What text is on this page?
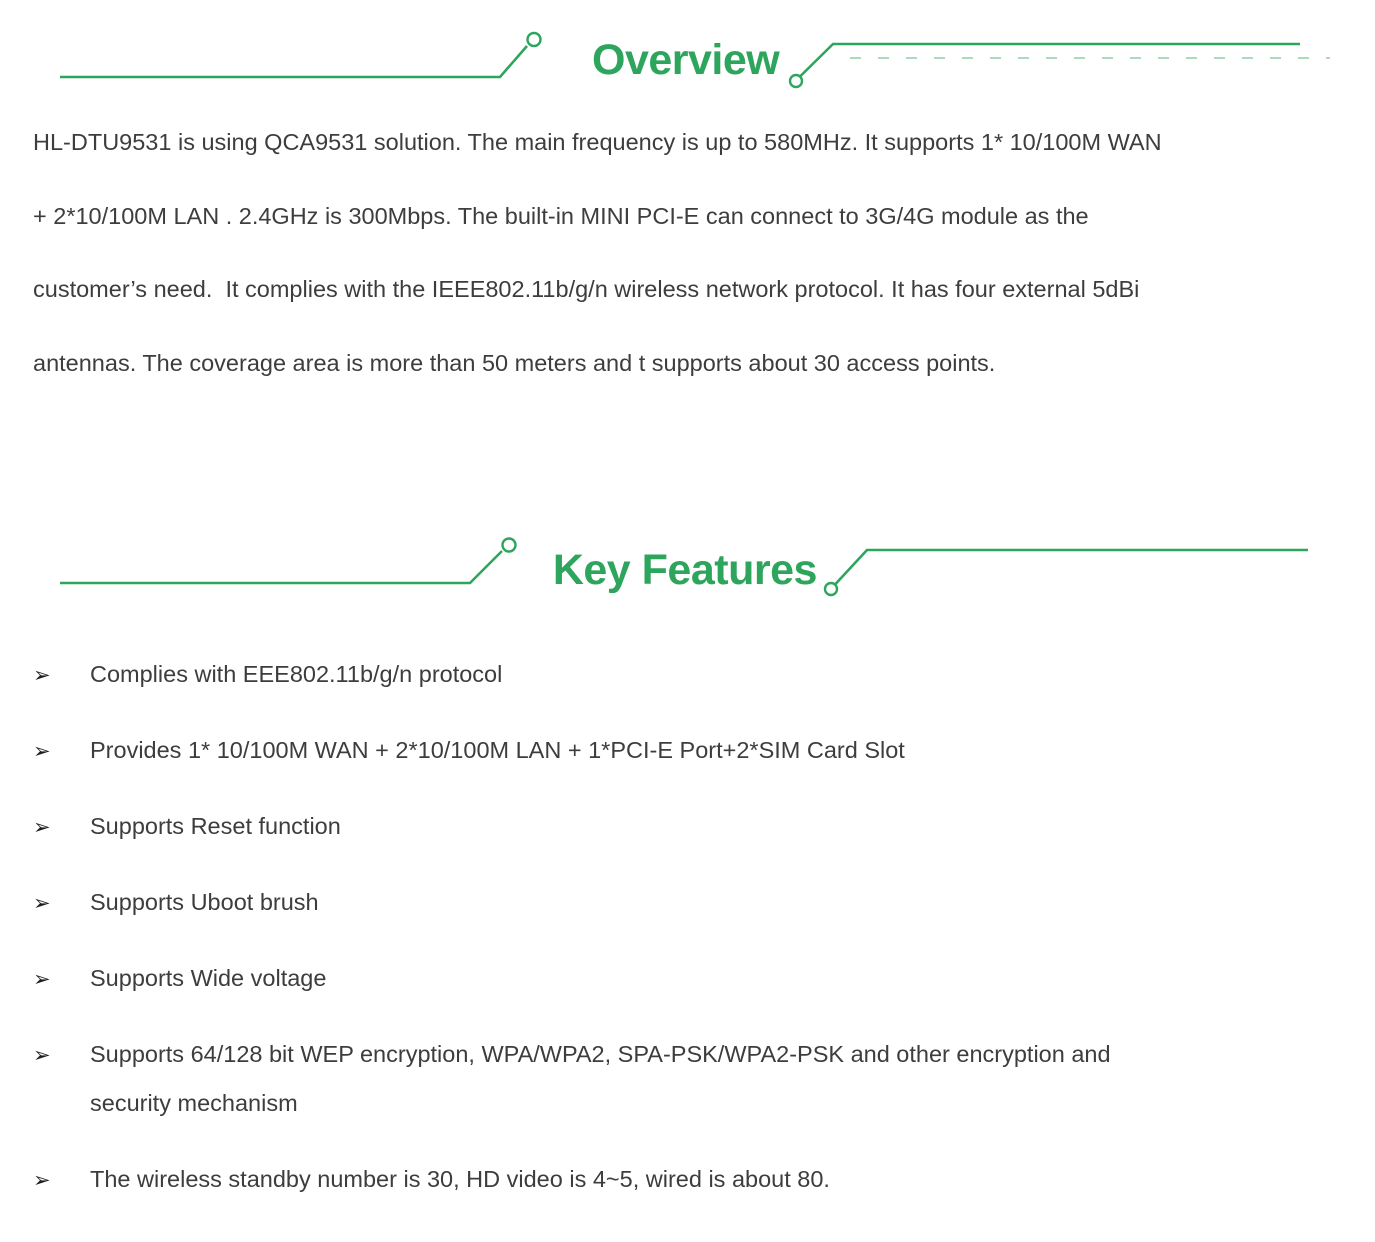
Overview
HL-DTU9531 is using QCA9531 solution. The main frequency is up to 580MHz. It supports 1* 10/100M WAN
+ 2*10/100M LAN . 2.4GHz is 300Mbps. The built-in MINI PCI-E can connect to 3G/4G module as the
customer’s need.  It complies with the IEEE802.11b/g/n wireless network protocol. It has four external 5dBi
antennas. The coverage area is more than 50 meters and t supports about 30 access points.
Key Features
➢ Complies with EEE802.11b/g/n protocol
➢ Provides 1* 10/100M WAN + 2*10/100M LAN + 1*PCI-E Port+2*SIM Card Slot
➢ Supports Reset function
➢ Supports Uboot brush
➢ Supports Wide voltage
➢ Supports 64/128 bit WEP encryption, WPA/WPA2, SPA-PSK/WPA2-PSK and other encryption and
security mechanism
➢ The wireless standby number is 30, HD video is 4~5, wired is about 80.
